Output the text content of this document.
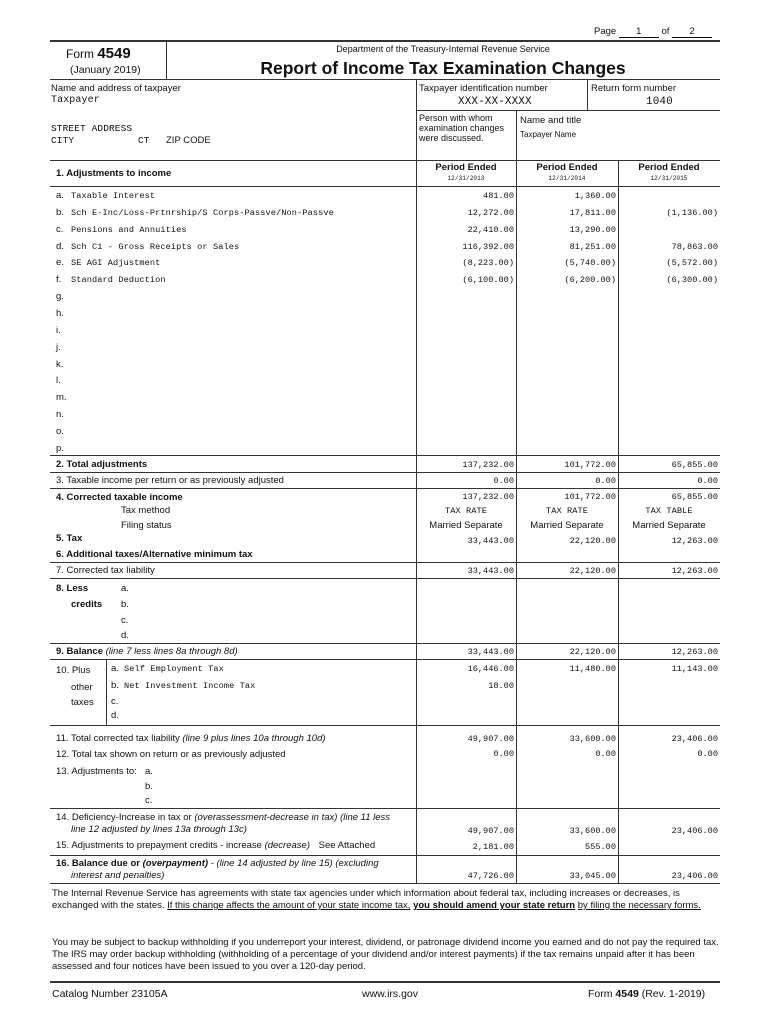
Page 1 of 2
Form 4549
(January 2019)
Department of the Treasury-Internal Revenue Service
Report of Income Tax Examination Changes
Name and address of taxpayer
Taxpayer
STREET ADDRESS
CITY	CT ZIP CODE
Taxpayer identification number
XXX-XX-XXXX
Return form number
1040
Person with whom examination changes were discussed.
Name and title
Taxpayer Name
1. Adjustments to income
Period Ended
12/31/2013
Period Ended
12/31/2014
Period Ended
12/31/2015
a. Taxable Interest	481.00	1,360.00
b. Sch E-Inc/Loss-Prtnrship/S Corps-Passve/Non-Passve	12,272.00	17,811.00	(1,136.00)
c. Pensions and Annuities	22,410.00	13,290.00
d. Sch C1 - Gross Receipts or Sales	116,392.00	81,251.00	78,863.00
e. SE AGI Adjustment	(8,223.00)	(5,740.00)	(5,572.00)
f. Standard Deduction	(6,100.00)	(6,200.00)	(6,300.00)
g.
h.
i.
j.
k.
l.
m.
n.
o.
p.
2. Total adjustments	137,232.00	101,772.00	65,855.00
3. Taxable income per return or as previously adjusted	0.00	0.00	0.00
4. Corrected taxable income	137,232.00	101,772.00	65,855.00
Tax method	TAX RATE	TAX RATE	TAX TABLE
Filing status	Married Separate	Married Separate	Married Separate
5. Tax	33,443.00	22,120.00	12,263.00
6. Additional taxes/Alternative minimum tax
7. Corrected tax liability	33,443.00	22,120.00	12,263.00
8. Less
credits
a.
b.
c.
d.
9. Balance (line 7 less lines 8a through 8d)	33,443.00	22,120.00	12,263.00
10. Plus
other
taxes
a. Self Employment Tax	16,446.00	11,480.00	11,143.00
b. Net Investment Income Tax	18.00
c.
d.
11. Total corrected tax liability (line 9 plus lines 10a through 10d)	49,907.00	33,600.00	23,406.00
12. Total tax shown on return or as previously adjusted	0.00	0.00	0.00
13. Adjustments to: a.
b.
c.
14. Deficiency-Increase in tax or (overassessment-decrease in tax) (line 11 less
line 12 adjusted by lines 13a through 13c)	49,907.00	33,600.00	23,406.00
15. Adjustments to prepayment credits - increase (decrease) See Attached	2,181.00	555.00
16. Balance due or (overpayment) - (line 14 adjusted by line 15) (excluding
interest and penalties)	47,726.00	33,045.00	23,406.00
The Internal Revenue Service has agreements with state tax agencies under which information about federal tax, including increases or decreases, is exchanged with the states. If this change affects the amount of your state income tax, you should amend your state return by filing the necessary forms.
You may be subject to backup withholding if you underreport your interest, dividend, or patronage dividend income you earned and do not pay the required tax. The IRS may order backup withholding (withholding of a percentage of your dividend and/or interest payments) if the tax remains unpaid after it has been assessed and four notices have been issued to you over a 120-day period.
Catalog Number 23105A	www.irs.gov	Form 4549 (Rev. 1-2019)
